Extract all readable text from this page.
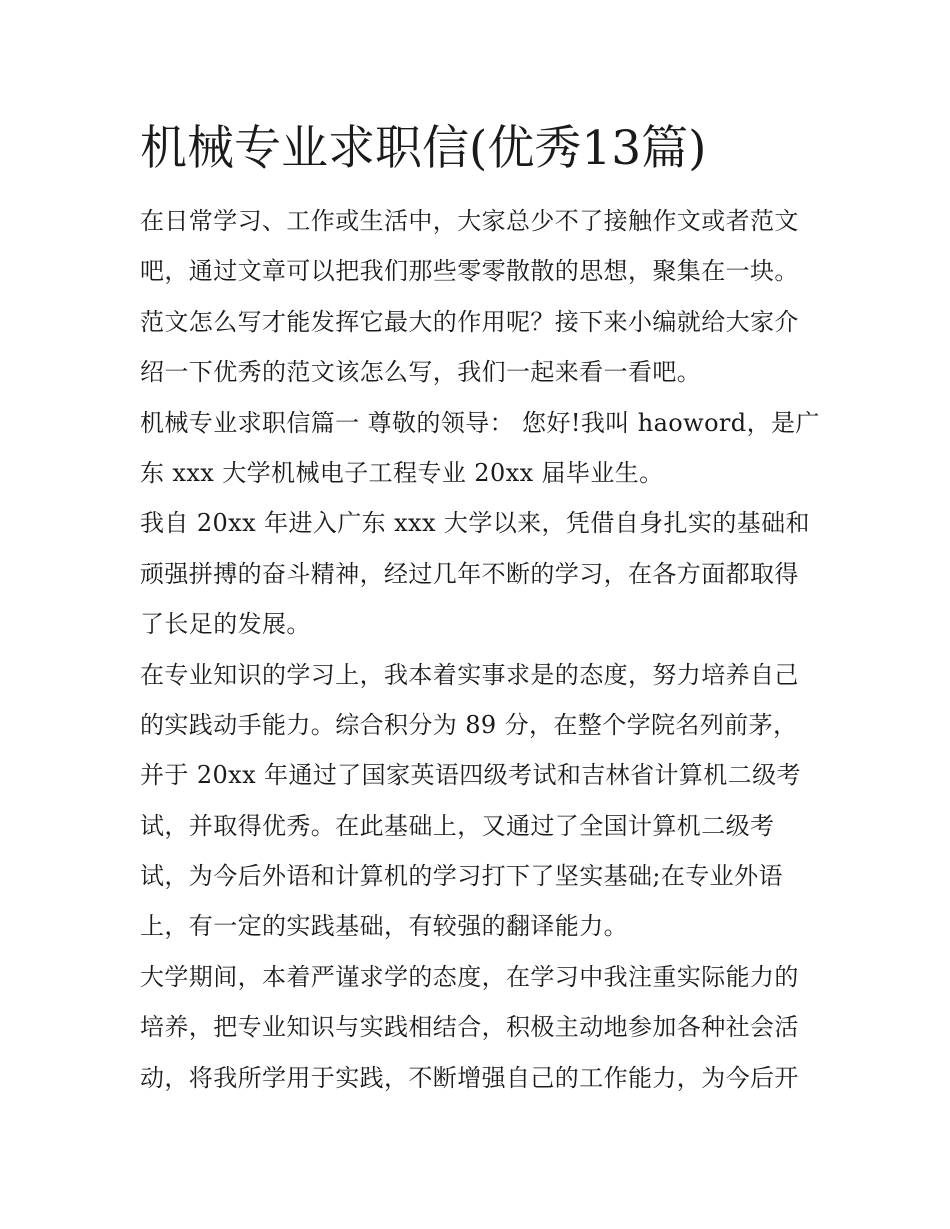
机械专业求职信(优秀13篇)
在日常学习、工作或生活中，大家总少不了接触作文或者范文
吧，通过文章可以把我们那些零零散散的思想，聚集在一块。
范文怎么写才能发挥它最大的作用呢？接下来小编就给大家介
绍一下优秀的范文该怎么写，我们一起来看一看吧。
机械专业求职信篇一 尊敬的领导： 您好!我叫 haoword，是广
东 xxx 大学机械电子工程专业 20xx 届毕业生。
我自 20xx 年进入广东 xxx 大学以来，凭借自身扎实的基础和
顽强拼搏的奋斗精神，经过几年不断的学习，在各方面都取得
了长足的发展。
在专业知识的学习上，我本着实事求是的态度，努力培养自己
的实践动手能力。综合积分为 89 分，在整个学院名列前茅，
并于 20xx 年通过了国家英语四级考试和吉林省计算机二级考
试，并取得优秀。在此基础上，又通过了全国计算机二级考
试，为今后外语和计算机的学习打下了坚实基础;在专业外语
上，有一定的实践基础，有较强的翻译能力。
大学期间，本着严谨求学的态度，在学习中我注重实际能力的
培养，把专业知识与实践相结合，积极主动地参加各种社会活
动，将我所学用于实践，不断增强自己的工作能力，为今后开
